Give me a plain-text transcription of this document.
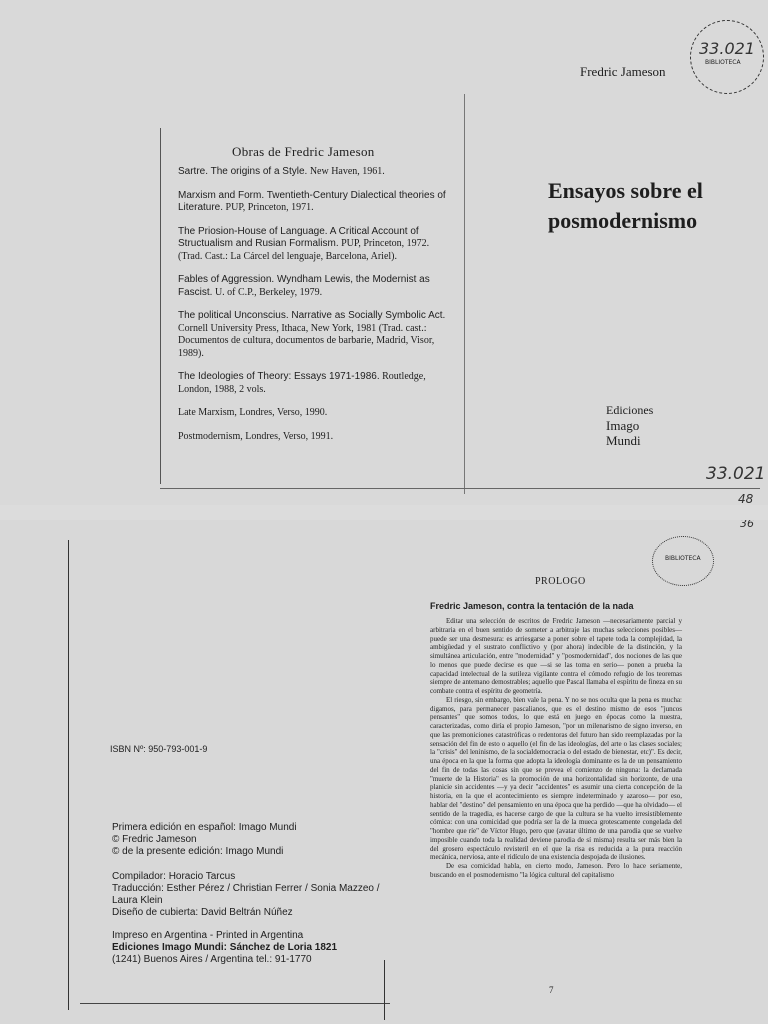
Obras de Fredric Jameson
Sartre. The origins of a Style. New Haven, 1961.
Marxism and Form. Twentieth-Century Dialectical theories of Literature. PUP, Princeton, 1971.
The Priosion-House of Language. A Critical Account of Structualism and Rusian Formalism. PUP, Princeton, 1972. (Trad. Cast.: La Cárcel del lenguaje, Barcelona, Ariel).
Fables of Aggression. Wyndham Lewis, the Modernist as Fascist. U. of C.P., Berkeley, 1979.
The political Unconscius. Narrative as Socially Symbolic Act. Cornell University Press, Ithaca, New York, 1981 (Trad. cast.: Documentos de cultura, documentos de barbarie, Madrid, Visor, 1989).
The Ideologies of Theory: Essays 1971-1986. Routledge, London, 1988, 2 vols.
Late Marxism, Londres, Verso, 1990.
Postmodernism, Londres, Verso, 1991.
Fredric Jameson
Ensayos sobre el
posmodernismo
Ediciones
Imago
Mundi
33.021
BIBLIOTECA
33.021
48
BIBLIOTECA
36
ISBN Nº: 950-793-001-9
Primera edición en español: Imago Mundi
© Fredric Jameson
© de la presente edición: Imago Mundi
Compilador: Horacio Tarcus
Traducción: Esther Pérez / Christian Ferrer / Sonia Mazzeo /
Laura Klein
Diseño de cubierta: David Beltrán Núñez
Impreso en Argentina - Printed in Argentina
Ediciones Imago Mundi: Sánchez de Loria 1821
(1241) Buenos Aires / Argentina tel.: 91-1770
PROLOGO
Fredric Jameson, contra la tentación de la nada

Editar una selección de escritos de Fredric Jameson —necesariamente parcial y arbitraria en el buen sentido de someter a arbitraje las muchas selecciones posibles— puede ser una desmesura: es arriesgarse a poner sobre el tapete toda la complejidad, la ambigüedad y el sustrato conflictivo y (por ahora) indecible de la distinción, y la simultánea articulación, entre "modernidad" y "posmodernidad", dos nociones de las que lo menos que puede decirse es que —si se las toma en serio— ponen a prueba la capacidad intelectual de la sutileza vigilante contra el cómodo refugio de los teoremas siempre de antemano demostrables; aquello que Pascal llamaba el espíritu de fineza en su combate contra el espíritu de geometría.

El riesgo, sin embargo, bien vale la pena. Y no se nos oculta que la pena es mucha: digamos, para permanecer pascalianos, que es el destino mismo de esos "juncos pensantes" que somos todos, lo que está en juego en épocas como la nuestra, caracterizadas, como diría el propio Jameson, "por un milenarismo de signo inverso, en que las premoniciones catastróficas o redentoras del futuro han sido reemplazadas por la sensación del fin de esto o aquello (el fin de las ideologías, del arte o las clases sociales; la "crisis" del leninismo, de la socialdemocracia o del estado de bienestar, etc)". Es decir, una época en la que la forma que adopta la ideología dominante es la de un pensamiento del fin de todas las cosas sin que se prevea el comienzo de ninguna: la declamada "muerte de la Historia" es la promoción de una horizontalidad sin horizonte, de una planicie sin accidentes —y ya decir "accidentes" es asumir una cierta concepción de la historia, en la que el acontecimiento es siempre indeterminado y azaroso— por eso, hablar del "destino" del pensamiento en una época que ha perdido —que ha olvidado— el sentido de la tragedia, es hacerse cargo de que la cultura se ha vuelto irresistiblemente cómica: con una comicidad que podría ser la de la mueca grotescamente congelada del "hombre que ríe" de Víctor Hugo, pero que (avatar último de una parodia que se vuelve imposible cuando toda la realidad deviene parodia de sí misma) resulta ser más bien la del grosero espectáculo revisteril en el que la risa es reducida a la pura reacción mecánica, nerviosa, ante el ridículo de una existencia despojada de ilusiones.

De esa comicidad habla, en cierto modo, Jameson. Pero lo hace seriamente, buscando en el posmodernismo "la lógica cultural del capitalismo

7
